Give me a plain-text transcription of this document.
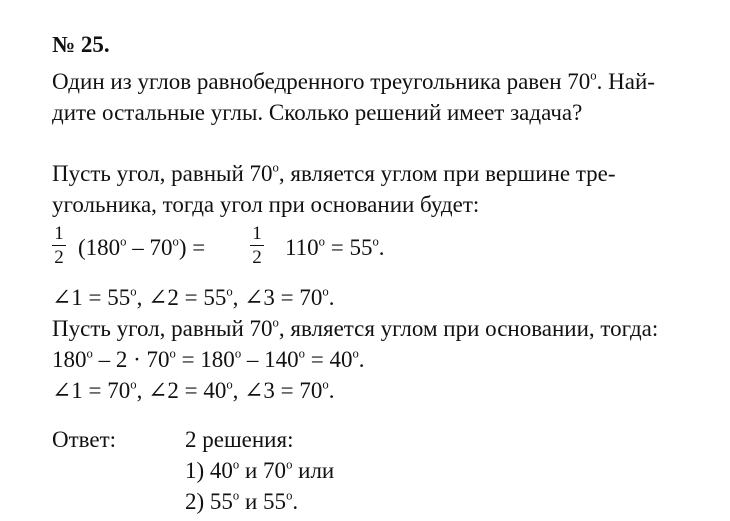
№ 25.
Один из углов равнобедренного треугольника равен $70^о$. Най-
дите остальные углы. Сколько решений имеет задача?
Пусть угол, равный $70^о$, является углом при вершине тре-
угольника, тогда угол при основании будет:
1
2 $(180^о - 70^о)$ =
1
2 $110^о = 55^о$.
∠1 = $55^о$, ∠2 = $55^о$, ∠3 = $70^о$.
Пусть угол, равный $70^о$, является углом при основании, тогда:
$180^о - 2 \cdot 70^о = 180^о - 140^о = 40^о$.
∠1 = $70^о$, ∠2 = $40^о$, ∠3 = $70^о$.
Ответ:	2 решения:
1) $40^о$ и $70^о$ или
2) $55^о$ и $55^о$.
